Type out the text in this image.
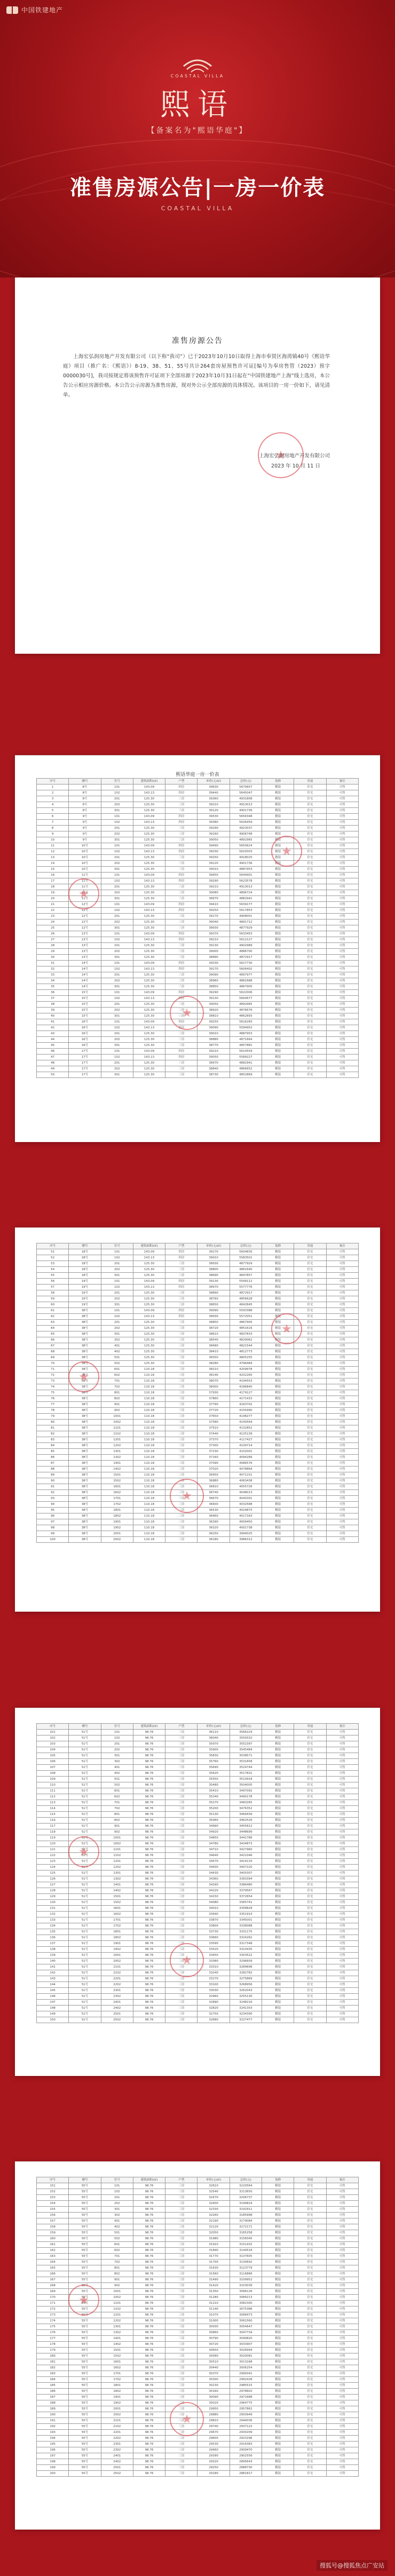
中国铁建地产
COASTAL VILLA
熙语
【备案名为"熙语华庭"】
准售房源公告|一房一价表
COASTAL VILLA
准售房源公告

上海宏弘润房地产开发有限公司（以下称“我司”）已于2023年10月10日取得上海市奉贤区海湾镇40号《熙语华庭》项目（推广名：《熙语》）8-19、38、51、55号共计264套房屋预售许可证[编号为奉房售管（2023）预字0000030号]，我司按规定将该预售许可证项下全部房源于2023年10月31日起在“中国铁建地产上海”线上选房，本公告公示相应房源价格。本公告公示房源为准售房源，现对外公示全部房源的具体情况。该项目的一房一价如下，请见清单。

上海宏弘润房地产开发有限公司
2023 年 10 月 11 日
熙语华庭一房一价表
序号	楼号	室号	建筑面积(㎡)	户型	单价(元/㎡)	总价(元)	装修	用途	备注
1	8号	101	143.09	四房	39630	5670657	精装	住宅	可售
2	8号	102	143.13	四房	39440	5645047	精装	住宅	可售
3	8号	201	125.30	三房	39360	4931808	精装	住宅	可售
4	8号	202	125.30	三房	39210	4913013	精装	住宅	可售
5	8号	301	125.30	三房	39120	4901736	精装	住宅	可售
6	9号	101	143.09	四房	39530	5656348	精装	住宅	可售
7	9号	102	143.13	四房	39380	5636459	精装	住宅	可售
8	9号	201	125.30	三房	39290	4923037	精装	住宅	可售
9	9号	202	125.30	三房	39160	4906748	精装	住宅	可售
10	9号	301	125.30	三房	39050	4892965	精装	住宅	可售
11	10号	101	143.09	四房	39490	5650624	精装	住宅	可售
12	10号	102	143.13	四房	39330	5629303	精装	住宅	可售
13	10号	201	125.30	三房	39250	4918025	精装	住宅	可售
14	10号	202	125.30	三房	39120	4901736	精装	住宅	可售
15	10号	301	125.30	三房	39010	4887953	精装	住宅	可售
16	11号	101	143.09	四房	39450	5644901	精装	住宅	可售
17	11号	102	143.13	四房	39290	5623578	精装	住宅	可售
18	11号	201	125.30	三房	39210	4913013	精装	住宅	可售
19	11号	202	125.30	三房	39080	4896724	精装	住宅	可售
20	11号	301	125.30	三房	38970	4882941	精装	住宅	可售
21	12号	101	143.09	四房	39410	5639177	精装	住宅	可售
22	12号	102	143.13	四房	39250	5617853	精装	住宅	可售
23	12号	201	125.30	三房	39170	4908001	精装	住宅	可售
24	12号	202	125.30	三房	39040	4891712	精装	住宅	可售
25	12号	301	125.30	三房	38930	4877929	精装	住宅	可售
26	13号	101	143.09	四房	39370	5633453	精装	住宅	可售
27	13号	102	143.13	四房	39210	5612127	精装	住宅	可售
28	13号	201	125.30	三房	39130	4902989	精装	住宅	可售
29	13号	202	125.30	三房	39000	4886700	精装	住宅	可售
30	13号	301	125.30	三房	38890	4872917	精装	住宅	可售
31	14号	101	143.09	四房	39330	5627730	精装	住宅	可售
32	14号	102	143.13	四房	39170	5606402	精装	住宅	可售
33	14号	201	125.30	三房	39090	4897977	精装	住宅	可售
34	14号	202	125.30	三房	38960	4881688	精装	住宅	可售
35	14号	301	125.30	三房	38850	4867905	精装	住宅	可售
36	15号	101	143.09	四房	39290	5622006	精装	住宅	可售
37	15号	102	143.13	四房	39130	5600677	精装	住宅	可售
38	15号	201	125.30	三房	39050	4892965	精装	住宅	可售
39	15号	202	125.30	三房	38920	4876676	精装	住宅	可售
40	15号	301	125.30	三房	38810	4862893	精装	住宅	可售
41	16号	101	143.09	四房	39250	5616283	精装	住宅	可售
42	16号	102	143.13	四房	39090	5594952	精装	住宅	可售
43	16号	201	125.30	三房	39010	4887953	精装	住宅	可售
44	16号	202	125.30	三房	38880	4871664	精装	住宅	可售
45	16号	301	125.30	三房	38770	4857881	精装	住宅	可售
46	17号	101	143.09	四房	39210	5610559	精装	住宅	可售
47	17号	102	143.13	四房	39050	5589227	精装	住宅	可售
48	17号	201	125.30	三房	38970	4882941	精装	住宅	可售
49	17号	202	125.30	三房	38840	4866652	精装	住宅	可售
50	17号	301	125.30	三房	38730	4852869	精装	住宅	可售
序号	楼号	室号	建筑面积(㎡)	户型	单价(元/㎡)	总价(元)	装修	用途	备注
51	18号	101	143.09	四房	39170	5604835	精装	住宅	可售
52	18号	102	143.13	四房	39010	5583501	精装	住宅	可售
53	18号	201	125.30	三房	38930	4877929	精装	住宅	可售
54	18号	202	125.30	三房	38800	4861640	精装	住宅	可售
55	18号	301	125.30	三房	38690	4847857	精装	住宅	可售
56	19号	101	143.09	四房	39130	5599112	精装	住宅	可售
57	19号	102	143.13	四房	38970	5577776	精装	住宅	可售
58	19号	201	125.30	三房	38890	4872917	精装	住宅	可售
59	19号	202	125.30	三房	38760	4856628	精装	住宅	可售
60	19号	301	125.30	三房	38650	4842845	精装	住宅	可售
61	38号	101	143.09	四房	39090	5593388	精装	住宅	可售
62	38号	102	143.13	四房	38930	5572051	精装	住宅	可售
63	38号	201	125.30	三房	38850	4867905	精装	住宅	可售
64	38号	202	125.30	三房	38720	4851616	精装	住宅	可售
65	38号	301	125.30	三房	38610	4837833	精装	住宅	可售
66	38号	302	125.30	三房	38540	4829062	精装	住宅	可售
67	38号	401	125.30	三房	38480	4821544	精装	住宅	可售
68	38号	402	125.30	三房	38410	4812773	精装	住宅	可售
69	38号	501	125.30	三房	38350	4805255	精装	住宅	可售
70	38号	502	125.30	三房	38280	4796484	精装	住宅	可售
71	38号	601	110.18	三房	38210	4209978	精装	住宅	可售
72	38号	602	110.18	三房	38140	4202265	精装	住宅	可售
73	38号	701	110.18	三房	38070	4194553	精装	住宅	可售
74	38号	702	110.18	三房	38000	4186840	精装	住宅	可售
75	38号	801	110.18	三房	37930	4179127	精装	住宅	可售
76	38号	802	110.18	三房	37860	4171415	精装	住宅	可售
77	38号	901	110.18	三房	37790	4163702	精装	住宅	可售
78	38号	902	110.18	三房	37720	4155990	精装	住宅	可售
79	38号	1001	110.18	三房	37650	4148277	精装	住宅	可售
80	38号	1002	110.18	三房	37580	4140564	精装	住宅	可售
81	38号	1101	110.18	三房	37510	4132852	精装	住宅	可售
82	38号	1102	110.18	三房	37440	4125139	精装	住宅	可售
83	38号	1201	110.18	三房	37370	4117427	精装	住宅	可售
84	38号	1202	110.18	三房	37300	4109714	精装	住宅	可售
85	38号	1301	110.18	三房	37230	4102001	精装	住宅	可售
86	38号	1302	110.18	三房	37160	4094289	精装	住宅	可售
87	38号	1401	110.18	三房	37090	4086576	精装	住宅	可售
88	38号	1402	110.18	三房	37020	4078864	精装	住宅	可售
89	38号	1501	110.18	三房	36950	4071151	精装	住宅	可售
90	38号	1502	110.18	三房	36880	4063438	精装	住宅	可售
91	38号	1601	110.18	三房	36810	4055726	精装	住宅	可售
92	38号	1602	110.18	三房	36740	4048013	精装	住宅	可售
93	38号	1701	110.18	三房	36670	4040301	精装	住宅	可售
94	38号	1702	110.18	三房	36600	4032588	精装	住宅	可售
95	38号	1801	110.18	三房	36530	4024875	精装	住宅	可售
96	38号	1802	110.18	三房	36460	4017163	精装	住宅	可售
97	38号	1901	110.18	三房	36390	4009450	精装	住宅	可售
98	38号	1902	110.18	三房	36320	4001738	精装	住宅	可售
99	38号	2001	110.18	三房	36250	3994025	精装	住宅	可售
100	38号	2002	110.18	三房	36180	3986312	精装	住宅	可售
序号	楼号	室号	建筑面积(㎡)	户型	单价(元/㎡)	总价(元)	装修	用途	备注
101	51号	101	98.76	三房	36110	3566224	精装	住宅	可售
102	51号	102	98.76	三房	36040	3559310	精装	住宅	可售
103	51号	201	98.76	三房	35970	3552397	精装	住宅	可售
104	51号	202	98.76	三房	35900	3545484	精装	住宅	可售
105	51号	301	98.76	三房	35830	3538571	精装	住宅	可售
106	51号	302	98.76	三房	35760	3531658	精装	住宅	可售
107	51号	401	98.76	三房	35690	3524744	精装	住宅	可售
108	51号	402	98.76	三房	35620	3517831	精装	住宅	可售
109	51号	501	98.76	三房	35550	3510918	精装	住宅	可售
110	51号	502	98.76	三房	35480	3504005	精装	住宅	可售
111	51号	601	98.76	三房	35410	3497092	精装	住宅	可售
112	51号	602	98.76	三房	35340	3490178	精装	住宅	可售
113	51号	701	98.76	三房	35270	3483265	精装	住宅	可售
114	51号	702	98.76	三房	35200	3476352	精装	住宅	可售
115	51号	801	98.76	三房	35130	3469439	精装	住宅	可售
116	51号	802	98.76	三房	35060	3462526	精装	住宅	可售
117	51号	901	98.76	三房	34990	3455612	精装	住宅	可售
118	51号	902	98.76	三房	34920	3448699	精装	住宅	可售
119	51号	1001	98.76	三房	34850	3441786	精装	住宅	可售
120	51号	1002	98.76	三房	34780	3434873	精装	住宅	可售
121	51号	1101	98.76	三房	34710	3427960	精装	住宅	可售
122	51号	1102	98.76	三房	34640	3421046	精装	住宅	可售
123	51号	1201	98.76	三房	34570	3414133	精装	住宅	可售
124	51号	1202	98.76	三房	34500	3407220	精装	住宅	可售
125	51号	1301	98.76	三房	34430	3400307	精装	住宅	可售
126	51号	1302	98.76	三房	34360	3393394	精装	住宅	可售
127	51号	1401	98.76	三房	34290	3386480	精装	住宅	可售
128	51号	1402	98.76	三房	34220	3379567	精装	住宅	可售
129	51号	1501	98.76	三房	34150	3372654	精装	住宅	可售
130	51号	1502	98.76	三房	34080	3365741	精装	住宅	可售
131	51号	1601	98.76	三房	34010	3358828	精装	住宅	可售
132	51号	1602	98.76	三房	33940	3351914	精装	住宅	可售
133	51号	1701	98.76	三房	33870	3345001	精装	住宅	可售
134	51号	1702	98.76	三房	33800	3338088	精装	住宅	可售
135	51号	1801	98.76	三房	33730	3331175	精装	住宅	可售
136	51号	1802	98.76	三房	33660	3324262	精装	住宅	可售
137	51号	1901	98.76	三房	33590	3317348	精装	住宅	可售
138	51号	1902	98.76	三房	33520	3310435	精装	住宅	可售
139	51号	2001	98.76	三房	33450	3303522	精装	住宅	可售
140	51号	2002	98.76	三房	33380	3296609	精装	住宅	可售
141	51号	2101	98.76	三房	33310	3289696	精装	住宅	可售
142	51号	2102	98.76	三房	33240	3282782	精装	住宅	可售
143	51号	2201	98.76	三房	33170	3275869	精装	住宅	可售
144	51号	2202	98.76	三房	33100	3268956	精装	住宅	可售
145	51号	2301	98.76	三房	33030	3262043	精装	住宅	可售
146	51号	2302	98.76	三房	32960	3255130	精装	住宅	可售
147	51号	2401	98.76	三房	32890	3248216	精装	住宅	可售
148	51号	2402	98.76	三房	32820	3241303	精装	住宅	可售
149	51号	2501	98.76	三房	32750	3234390	精装	住宅	可售
150	51号	2502	98.76	三房	32680	3227477	精装	住宅	可售
序号	楼号	室号	建筑面积(㎡)	户型	单价(元/㎡)	总价(元)	装修	用途	备注
151	55号	101	98.76	三房	32610	3220564	精装	住宅	可售
152	55号	102	98.76	三房	32540	3213650	精装	住宅	可售
153	55号	201	98.76	三房	32470	3206737	精装	住宅	可售
154	55号	202	98.76	三房	32400	3199824	精装	住宅	可售
155	55号	301	98.76	三房	32330	3192911	精装	住宅	可售
156	55号	302	98.76	三房	32260	3185998	精装	住宅	可售
157	55号	401	98.76	三房	32190	3179084	精装	住宅	可售
158	55号	402	98.76	三房	32120	3172171	精装	住宅	可售
159	55号	501	98.76	三房	32050	3165258	精装	住宅	可售
160	55号	502	98.76	三房	31980	3158345	精装	住宅	可售
161	55号	601	98.76	三房	31910	3151432	精装	住宅	可售
162	55号	602	98.76	三房	31840	3144518	精装	住宅	可售
163	55号	701	98.76	三房	31770	3137605	精装	住宅	可售
164	55号	702	98.76	三房	31700	3130692	精装	住宅	可售
165	55号	801	98.76	三房	31630	3123779	精装	住宅	可售
166	55号	802	98.76	三房	31560	3116866	精装	住宅	可售
167	55号	901	98.76	三房	31490	3109952	精装	住宅	可售
168	55号	902	98.76	三房	31420	3103039	精装	住宅	可售
169	55号	1001	98.76	三房	31350	3096126	精装	住宅	可售
170	55号	1002	98.76	三房	31280	3089213	精装	住宅	可售
171	55号	1101	98.76	三房	31210	3082300	精装	住宅	可售
172	55号	1102	98.76	三房	31140	3075386	精装	住宅	可售
173	55号	1201	98.76	三房	31070	3068473	精装	住宅	可售
174	55号	1202	98.76	三房	31000	3061560	精装	住宅	可售
175	55号	1301	98.76	三房	30930	3054647	精装	住宅	可售
176	55号	1302	98.76	三房	30860	3047734	精装	住宅	可售
177	55号	1401	98.76	三房	30790	3040820	精装	住宅	可售
178	55号	1402	98.76	三房	30720	3033907	精装	住宅	可售
179	55号	1501	98.76	三房	30650	3026994	精装	住宅	可售
180	55号	1502	98.76	三房	30580	3020081	精装	住宅	可售
181	55号	1601	98.76	三房	30510	3013168	精装	住宅	可售
182	55号	1602	98.76	三房	30440	3006254	精装	住宅	可售
183	55号	1701	98.76	三房	30370	2999341	精装	住宅	可售
184	55号	1702	98.76	三房	30300	2992428	精装	住宅	可售
185	55号	1801	98.76	三房	30230	2985515	精装	住宅	可售
186	55号	1802	98.76	三房	30160	2978602	精装	住宅	可售
187	55号	1901	98.76	三房	30090	2971688	精装	住宅	可售
188	55号	1902	98.76	三房	30020	2964775	精装	住宅	可售
189	55号	2001	98.76	三房	29950	2957862	精装	住宅	可售
190	55号	2002	98.76	三房	29880	2950949	精装	住宅	可售
191	55号	2101	98.76	三房	29810	2944036	精装	住宅	可售
192	55号	2102	98.76	三房	29740	2937122	精装	住宅	可售
193	55号	2201	98.76	三房	29670	2930209	精装	住宅	可售
194	55号	2202	98.76	三房	29600	2923296	精装	住宅	可售
195	55号	2301	98.76	三房	29530	2916383	精装	住宅	可售
196	55号	2302	98.76	三房	29460	2909470	精装	住宅	可售
197	55号	2401	98.76	三房	29390	2902556	精装	住宅	可售
198	55号	2402	98.76	三房	29320	2895643	精装	住宅	可售
199	55号	2501	98.76	三房	29250	2888730	精装	住宅	可售
200	55号	2502	98.76	三房	29180	2881817	精装	住宅	可售
搜狐号@搜狐焦点广安站
